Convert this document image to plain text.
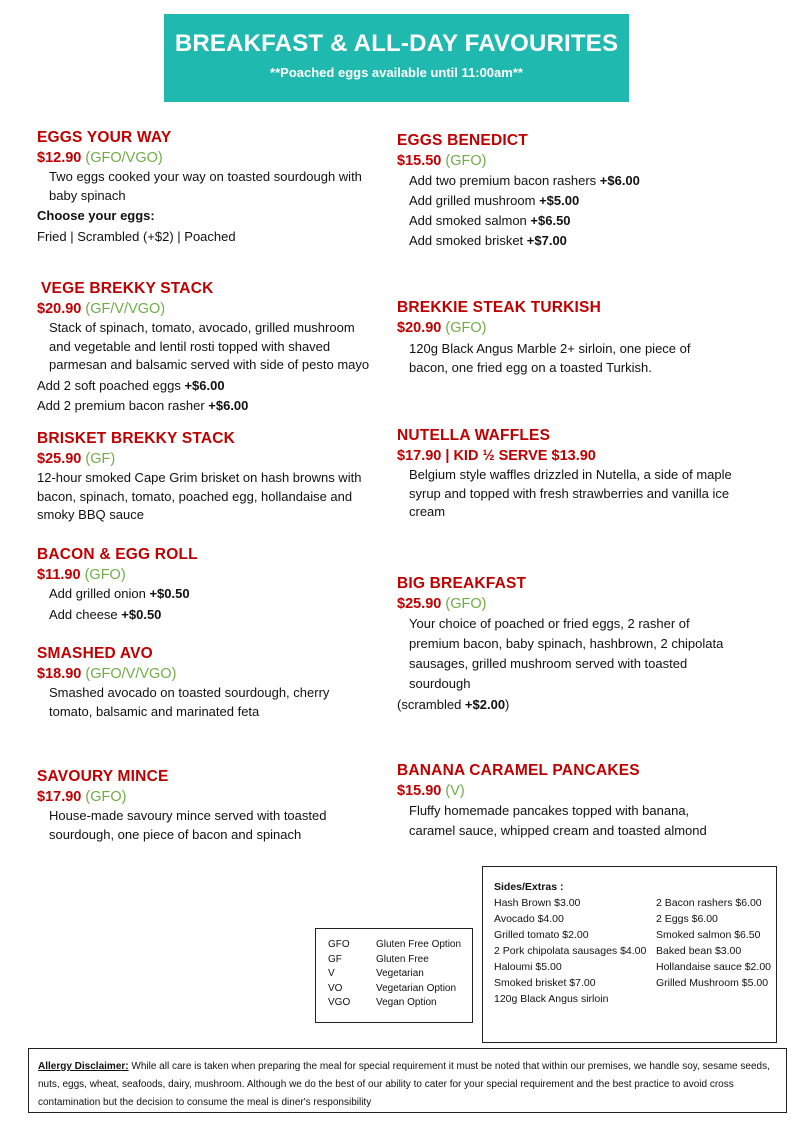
BREAKFAST & ALL-DAY FAVOURITES
**Poached eggs available until 11:00am**
EGGS YOUR WAY
$12.90 (GFO/VGO)
Two eggs cooked your way on toasted sourdough with baby spinach
Choose your eggs:
Fried | Scrambled (+$2) | Poached
EGGS BENEDICT
$15.50 (GFO)
Add two premium bacon rashers +$6.00
Add grilled mushroom +$5.00
Add smoked salmon +$6.50
Add smoked brisket +$7.00
VEGE BREKKY STACK
$20.90 (GF/V/VGO)
Stack of spinach, tomato, avocado, grilled mushroom and vegetable and lentil rosti topped with shaved parmesan and balsamic served with side of pesto mayo
Add 2 soft poached eggs +$6.00
Add 2 premium bacon rasher +$6.00
BREKKIE STEAK TURKISH
$20.90 (GFO)
120g Black Angus Marble 2+ sirloin, one piece of bacon, one fried egg on a toasted Turkish.
BRISKET BREKKY STACK
$25.90 (GF)
12-hour smoked Cape Grim brisket on hash browns with bacon, spinach, tomato, poached egg, hollandaise and smoky BBQ sauce
NUTELLA WAFFLES
$17.90 | KID ½ SERVE $13.90
Belgium style waffles drizzled in Nutella, a side of maple syrup and topped with fresh strawberries and vanilla ice cream
BACON & EGG ROLL
$11.90 (GFO)
Add grilled onion +$0.50
Add cheese +$0.50
BIG BREAKFAST
$25.90 (GFO)
Your choice of poached or fried eggs, 2 rasher of premium bacon, baby spinach, hashbrown, 2 chipolata sausages, grilled mushroom served with toasted sourdough
(scrambled +$2.00)
SMASHED AVO
$18.90 (GFO/V/VGO)
Smashed avocado on toasted sourdough, cherry tomato, balsamic and marinated feta
SAVOURY MINCE
$17.90 (GFO)
House-made savoury mince served with toasted sourdough, one piece of bacon and spinach
BANANA CARAMEL PANCAKES
$15.90 (V)
Fluffy homemade pancakes topped with banana, caramel sauce, whipped cream and toasted almond
GFO	Gluten Free Option
GF	Gluten Free
V	Vegetarian
VO	Vegetarian Option
VGO	Vegan Option
Sides/Extras :
Hash Brown $3.00
Avocado $4.00
Grilled tomato $2.00
2 Pork chipolata sausages $4.00
Haloumi $5.00
Smoked brisket $7.00
120g Black Angus sirloin
2 Bacon rashers $6.00
2 Eggs $6.00
Smoked salmon $6.50
Baked bean $3.00
Hollandaise sauce $2.00
Grilled Mushroom $5.00
Allergy Disclaimer: While all care is taken when preparing the meal for special requirement it must be noted that within our premises, we handle soy, sesame seeds, nuts, eggs, wheat, seafoods, dairy, mushroom. Although we do the best of our ability to cater for your special requirement and the best practice to avoid cross contamination but the decision to consume the meal is diner's responsibility
